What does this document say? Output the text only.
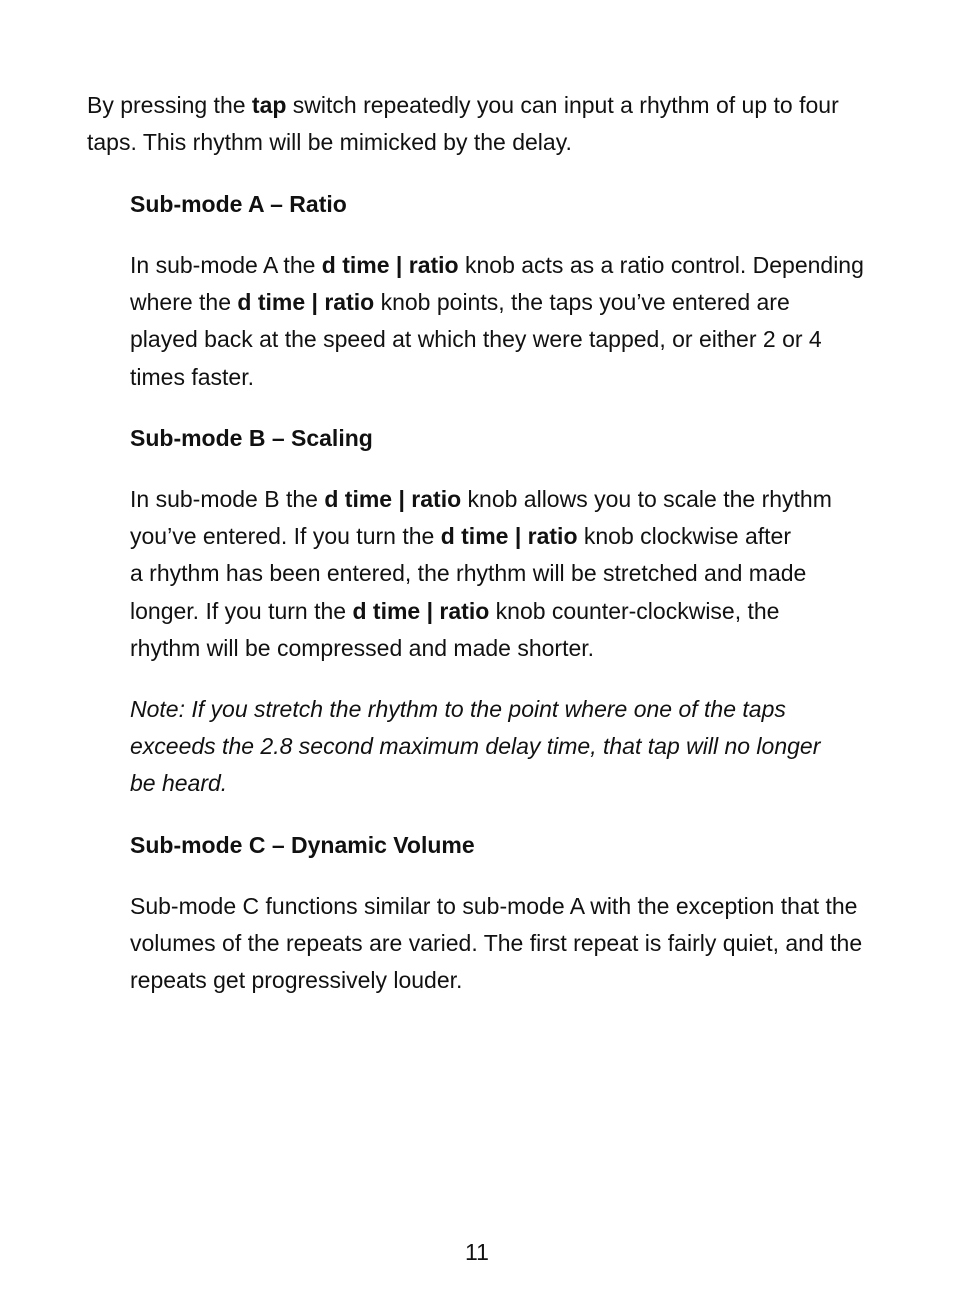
By pressing the tap switch repeatedly you can input a rhythm of up to four
taps. This rhythm will be mimicked by the delay.

Sub-mode A – Ratio

In sub-mode A the d time | ratio knob acts as a ratio control. Depending
where the d time | ratio knob points, the taps you’ve entered are
played back at the speed at which they were tapped, or either 2 or 4
times faster.

Sub-mode B – Scaling

In sub-mode B the d time | ratio knob allows you to scale the rhythm
you’ve entered. If you turn the d time | ratio knob clockwise after
a rhythm has been entered, the rhythm will be stretched and made
longer. If you turn the d time | ratio knob counter-clockwise, the
rhythm will be compressed and made shorter.

Note: If you stretch the rhythm to the point where one of the taps
exceeds the 2.8 second maximum delay time, that tap will no longer
be heard.

Sub-mode C – Dynamic Volume

Sub-mode C functions similar to sub-mode A with the exception that the
volumes of the repeats are varied. The first repeat is fairly quiet, and the
repeats get progressively louder.

11
